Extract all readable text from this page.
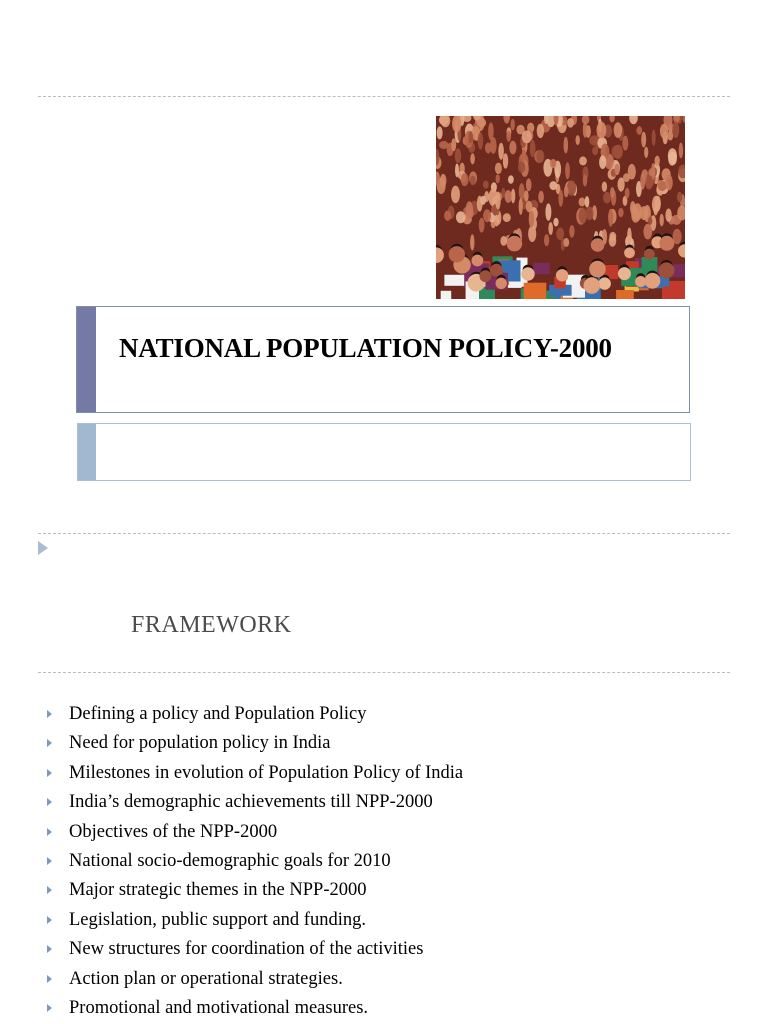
NATIONAL POPULATION POLICY-2000
FRAMEWORK
Defining a policy and Population Policy
Need for population policy in India
Milestones in evolution of Population Policy of India
India’s demographic achievements till NPP-2000
Objectives of the NPP-2000
National socio-demographic goals for 2010
Major strategic themes in the NPP-2000
Legislation, public support and funding.
New structures for coordination of the activities
Action plan or operational strategies.
Promotional and motivational measures.
